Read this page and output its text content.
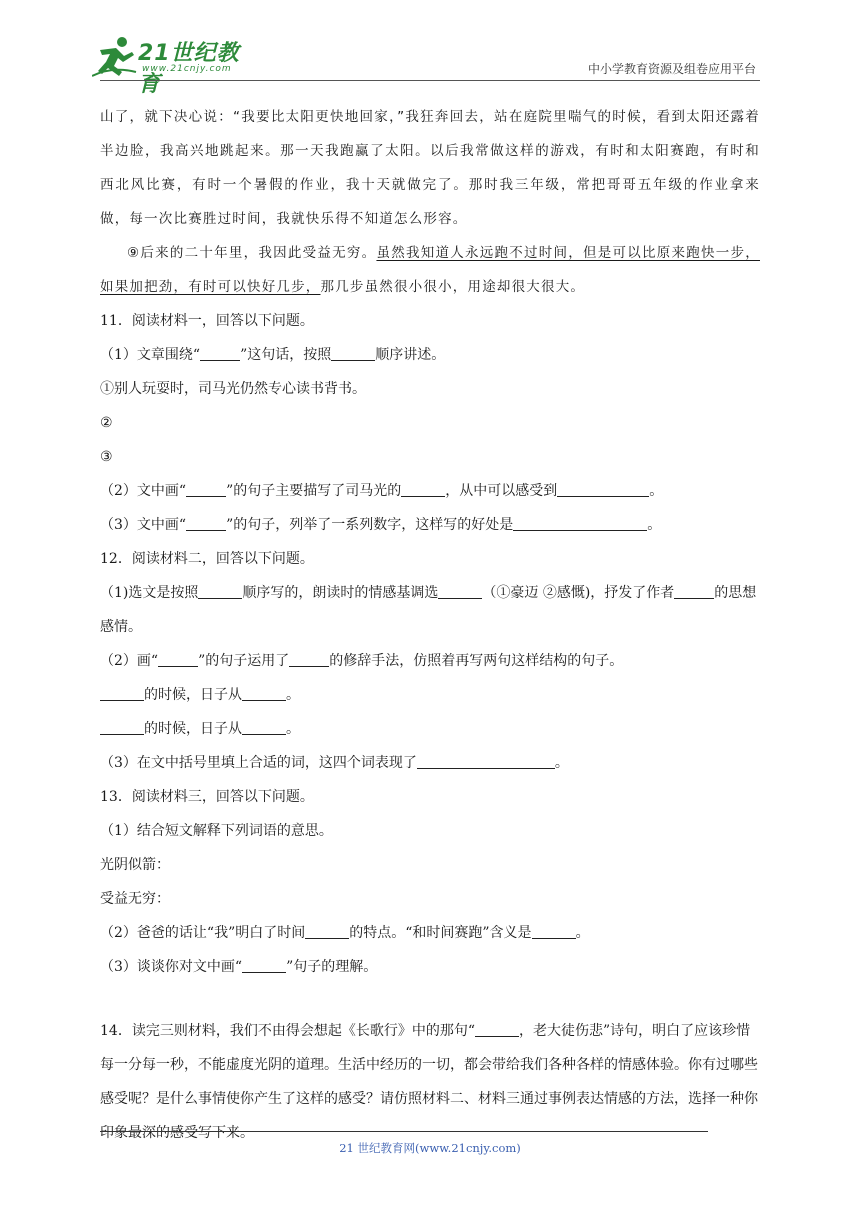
21世纪教育
www.21cnjy.com	中小学教育资源及组卷应用平台

山了，就下决心说：“我要比太阳更快地回家，”我狂奔回去，站在庭院里喘气的时候，看到太阳还露着半边脸，我高兴地跳起来。那一天我跑赢了太阳。以后我常做这样的游戏，有时和太阳赛跑，有时和西北风比赛，有时一个暑假的作业，我十天就做完了。那时我三年级，常把哥哥五年级的作业拿来做，每一次比赛胜过时间，我就快乐得不知道怎么形容。

⑨后来的二十年里，我因此受益无穷。虽然我知道人永远跑不过时间，但是可以比原来跑快一步，如果加把劲，有时可以快好几步，那几步虽然很小很小，用途却很大很大。

11．阅读材料一，回答以下问题。

（1）文章围绕“	”这句话，按照	顺序讲述。

①别人玩耍时，司马光仍然专心读书背书。

②

③

（2）文中画“	”的句子主要描写了司马光的	，从中可以感受到	。

（3）文中画“	”的句子，列举了一系列数字，这样写的好处是	。

12．阅读材料二，回答以下问题。

（1)选文是按照	顺序写的，朗读时的情感基调选	（①豪迈 ②感慨)，抒发了作者	的思想感情。

（2）画“	”的句子运用了	的修辞手法，仿照着再写两句这样结构的句子。

的时候，日子从	。

的时候，日子从	。

（3）在文中括号里填上合适的词，这四个词表现了	。

13．阅读材料三，回答以下问题。

（1）结合短文解释下列词语的意思。

光阴似箭：

受益无穷：

（2）爸爸的话让“我”明白了时间	的特点。“和时间赛跑”含义是	。

（3）谈谈你对文中画“	”句子的理解。

14．读完三则材料，我们不由得会想起《长歌行》中的那句“	，老大徒伤悲”诗句，明白了应该珍惜每一分每一秒，不能虚度光阴的道理。生活中经历的一切，都会带给我们各种各样的情感体验。你有过哪些感受呢？是什么事情使你产生了这样的感受？请仿照材料二、材料三通过事例表达情感的方法，选择一种你印象最深的感受写下来。

21 世纪教育网(www.21cnjy.com)
